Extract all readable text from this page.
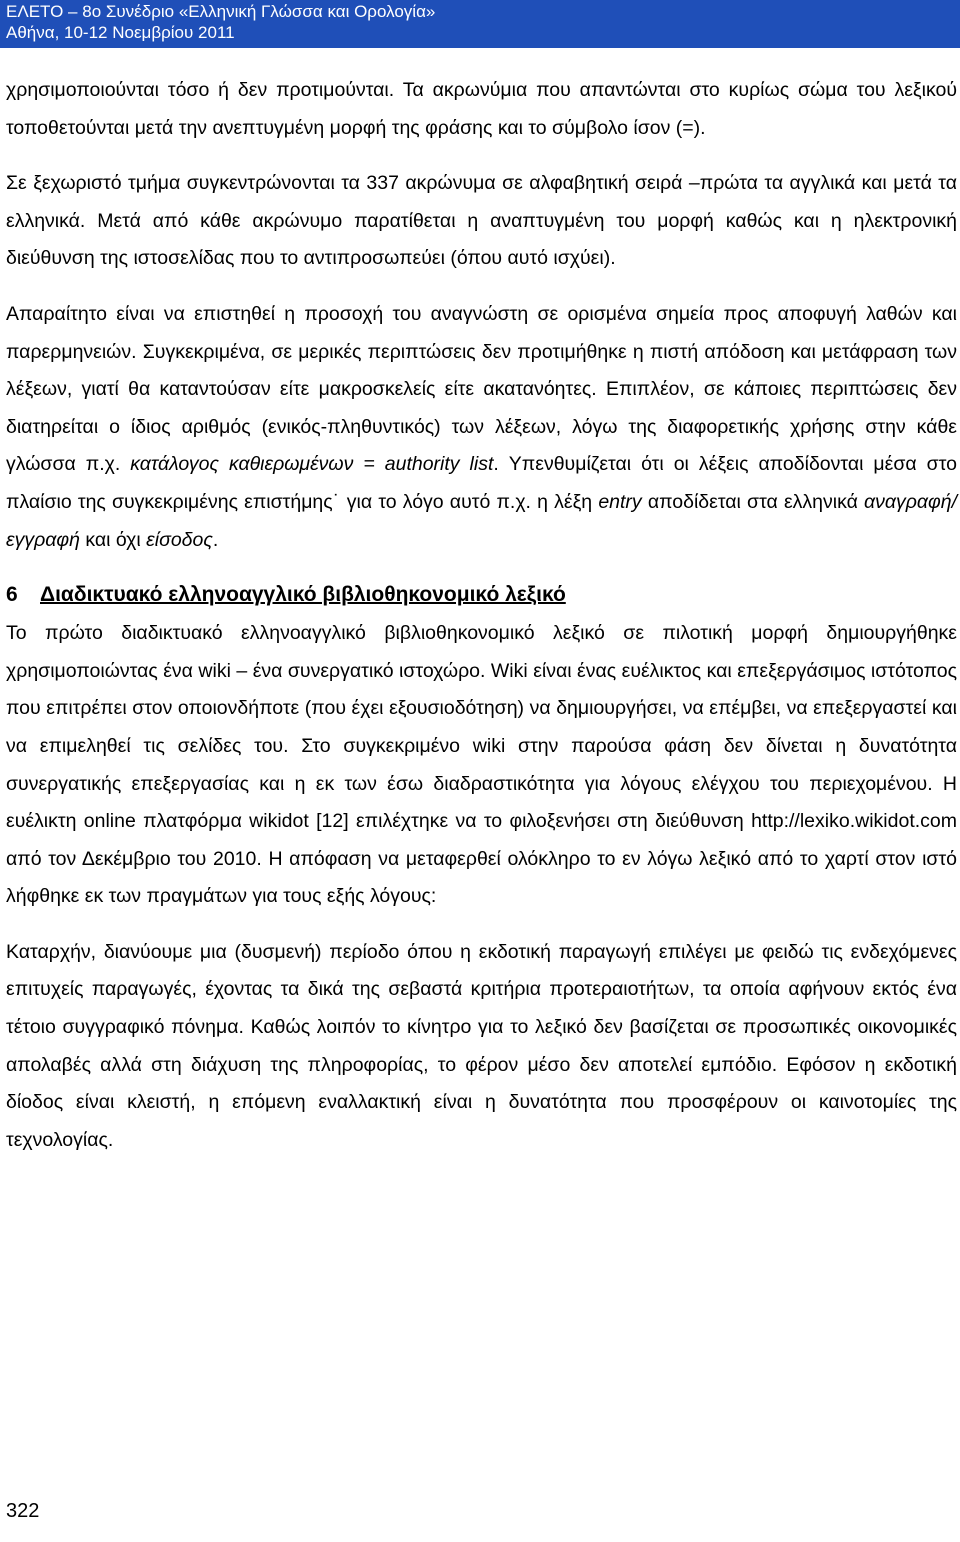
ΕΛΕΤΟ – 8ο Συνέδριο «Ελληνική Γλώσσα και Ορολογία»
Αθήνα, 10-12 Νοεμβρίου 2011

χρησιμοποιούνται τόσο ή δεν προτιμούνται. Τα ακρωνύμια που απαντώνται στο κυρίως σώμα του λεξικού τοποθετούνται μετά την ανεπτυγμένη μορφή της φράσης και το σύμβολο ίσον (=).

Σε ξεχωριστό τμήμα συγκεντρώνονται τα 337 ακρώνυμα σε αλφαβητική σειρά –πρώτα τα αγγλικά και μετά τα ελληνικά. Μετά από κάθε ακρώνυμο παρατίθεται η αναπτυγμένη του μορφή καθώς και η ηλεκτρονική διεύθυνση της ιστοσελίδας που το αντιπροσωπεύει (όπου αυτό ισχύει).

Απαραίτητο είναι να επιστηθεί η προσοχή του αναγνώστη σε ορισμένα σημεία προς αποφυγή λαθών και παρερμηνειών. Συγκεκριμένα, σε μερικές περιπτώσεις δεν προτιμήθηκε η πιστή απόδοση και μετάφραση των λέξεων, γιατί θα καταντούσαν είτε μακροσκελείς είτε ακατανόητες. Επιπλέον, σε κάποιες περιπτώσεις δεν διατηρείται ο ίδιος αριθμός (ενικός-πληθυντικός) των λέξεων, λόγω της διαφορετικής χρήσης στην κάθε γλώσσα π.χ. κατάλογος καθιερωμένων = authority list. Υπενθυμίζεται ότι οι λέξεις αποδίδονται μέσα στο πλαίσιο της συγκεκριμένης επιστήμης˙ για το λόγο αυτό π.χ. η λέξη entry αποδίδεται στα ελληνικά αναγραφή/εγγραφή και όχι είσοδος.

6 Διαδικτυακό ελληνοαγγλικό βιβλιοθηκονομικό λεξικό

Το πρώτο διαδικτυακό ελληνοαγγλικό βιβλιοθηκονομικό λεξικό σε πιλοτική μορφή δημιουργήθηκε χρησιμοποιώντας ένα wiki – ένα συνεργατικό ιστοχώρο. Wiki είναι ένας ευέλικτος και επεξεργάσιμος ιστότοπος που επιτρέπει στον οποιονδήποτε (που έχει εξουσιοδότηση) να δημιουργήσει, να επέμβει, να επεξεργαστεί και να επιμεληθεί τις σελίδες του. Στο συγκεκριμένο wiki στην παρούσα φάση δεν δίνεται η δυνατότητα συνεργατικής επεξεργασίας και η εκ των έσω διαδραστικότητα για λόγους ελέγχου του περιεχομένου. Η ευέλικτη online πλατφόρμα wikidot [12] επιλέχτηκε να το φιλοξενήσει στη διεύθυνση http://lexiko.wikidot.com από τον Δεκέμβριο του 2010. Η απόφαση να μεταφερθεί ολόκληρο το εν λόγω λεξικό από το χαρτί στον ιστό λήφθηκε εκ των πραγμάτων για τους εξής λόγους:

Καταρχήν, διανύουμε μια (δυσμενή) περίοδο όπου η εκδοτική παραγωγή επιλέγει με φειδώ τις ενδεχόμενες επιτυχείς παραγωγές, έχοντας τα δικά της σεβαστά κριτήρια προτεραιοτήτων, τα οποία αφήνουν εκτός ένα τέτοιο συγγραφικό πόνημα. Καθώς λοιπόν το κίνητρο για το λεξικό δεν βασίζεται σε προσωπικές οικονομικές απολαβές αλλά στη διάχυση της πληροφορίας, το φέρον μέσο δεν αποτελεί εμπόδιο. Εφόσον η εκδοτική δίοδος είναι κλειστή, η επόμενη εναλλακτική είναι η δυνατότητα που προσφέρουν οι καινοτομίες της τεχνολογίας.

322
